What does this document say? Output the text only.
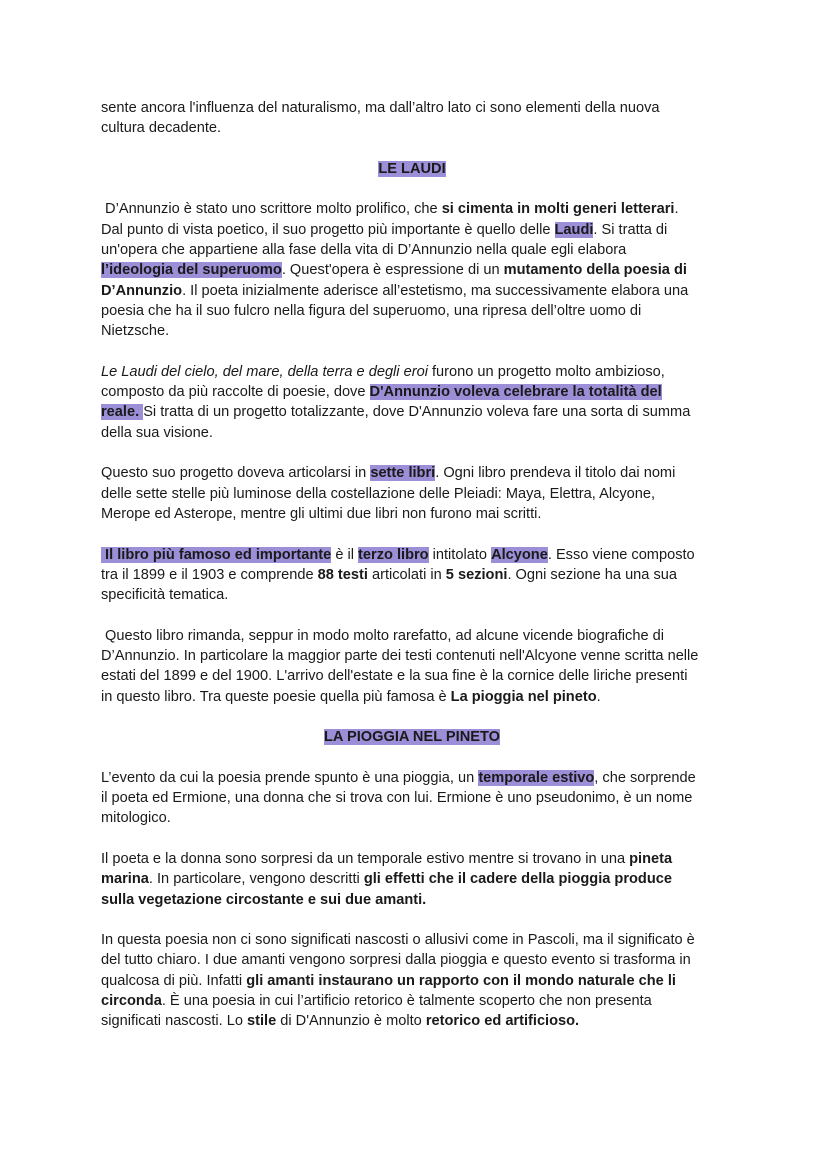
sente ancora l'influenza del naturalismo, ma dall’altro lato ci sono elementi della nuova
cultura decadente.
LE LAUDI
D’Annunzio è stato uno scrittore molto prolifico, che si cimenta in molti generi letterari.
Dal punto di vista poetico, il suo progetto più importante è quello delle Laudi. Si tratta di
un'opera che appartiene alla fase della vita di D’Annunzio nella quale egli elabora
l’ideologia del superuomo. Quest'opera è espressione di un mutamento della poesia di
D’Annunzio. Il poeta inizialmente aderisce all’estetismo, ma successivamente elabora una
poesia che ha il suo fulcro nella figura del superuomo, una ripresa dell’oltre uomo di
Nietzsche.
Le Laudi del cielo, del mare, della terra e degli eroi furono un progetto molto ambizioso,
composto da più raccolte di poesie, dove D'Annunzio voleva celebrare la totalità del
reale. Si tratta di un progetto totalizzante, dove D'Annunzio voleva fare una sorta di summa
della sua visione.
Questo suo progetto doveva articolarsi in sette libri. Ogni libro prendeva il titolo dai nomi
delle sette stelle più luminose della costellazione delle Pleiadi: Maya, Elettra, Alcyone,
Merope ed Asterope, mentre gli ultimi due libri non furono mai scritti.
Il libro più famoso ed importante è il terzo libro intitolato Alcyone. Esso viene composto
tra il 1899 e il 1903 e comprende 88 testi articolati in 5 sezioni. Ogni sezione ha una sua
specificità tematica.
Questo libro rimanda, seppur in modo molto rarefatto, ad alcune vicende biografiche di
D’Annunzio. In particolare la maggior parte dei testi contenuti nell'Alcyone venne scritta nelle
estati del 1899 e del 1900. L'arrivo dell'estate e la sua fine è la cornice delle liriche presenti
in questo libro. Tra queste poesie quella più famosa è La pioggia nel pineto.
LA PIOGGIA NEL PINETO
L’evento da cui la poesia prende spunto è una pioggia, un temporale estivo, che sorprende
il poeta ed Ermione, una donna che si trova con lui. Ermione è uno pseudonimo, è un nome
mitologico.
Il poeta e la donna sono sorpresi da un temporale estivo mentre si trovano in una pineta
marina. In particolare, vengono descritti gli effetti che il cadere della pioggia produce
sulla vegetazione circostante e sui due amanti.
In questa poesia non ci sono significati nascosti o allusivi come in Pascoli, ma il significato è
del tutto chiaro. I due amanti vengono sorpresi dalla pioggia e questo evento si trasforma in
qualcosa di più. Infatti gli amanti instaurano un rapporto con il mondo naturale che li
circonda. È una poesia in cui l’artificio retorico è talmente scoperto che non presenta
significati nascosti. Lo stile di D'Annunzio è molto retorico ed artificioso.
